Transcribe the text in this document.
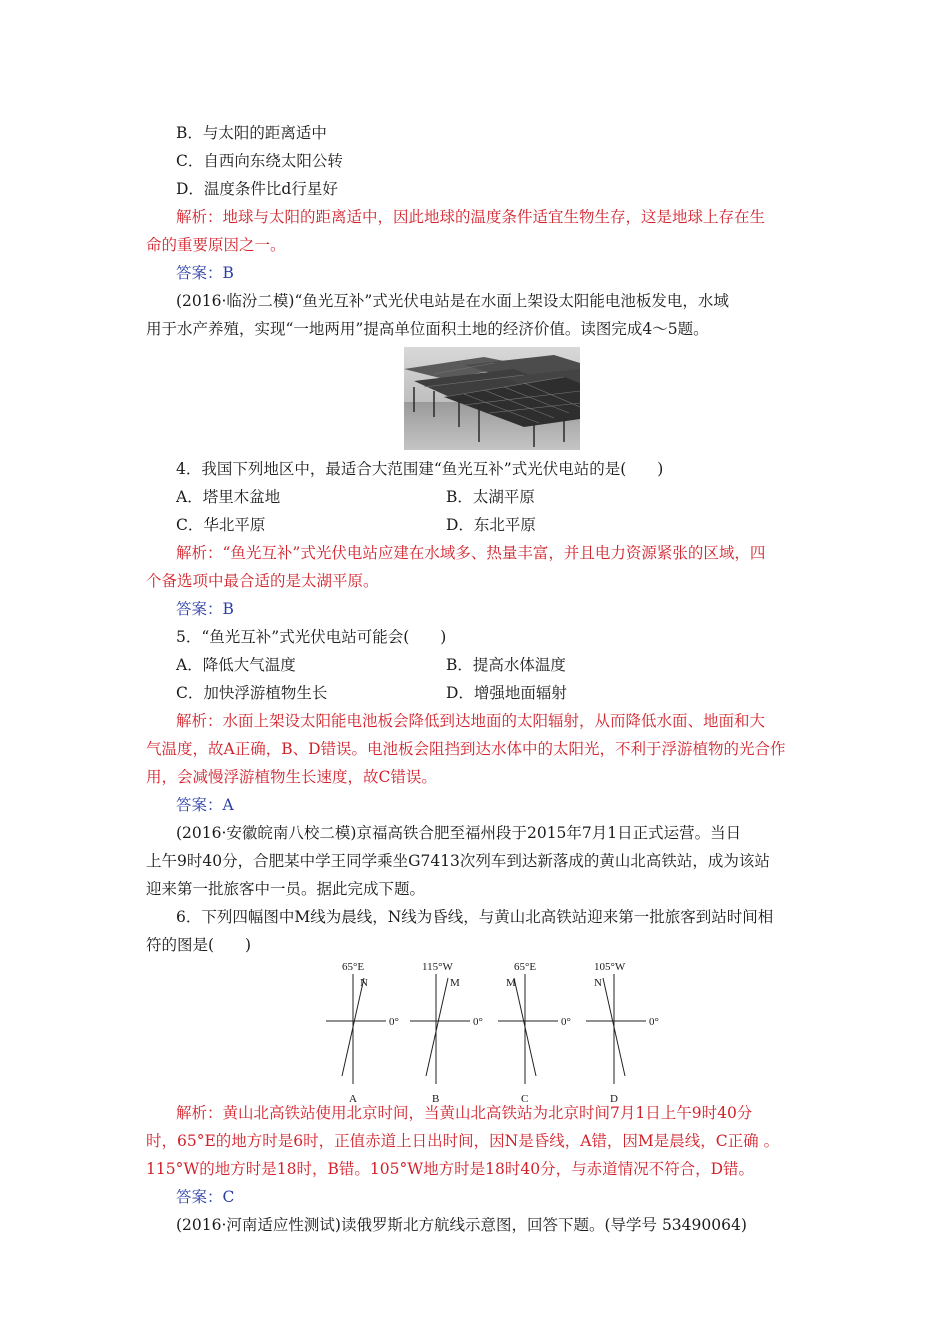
B．与太阳的距离适中
C．自西向东绕太阳公转
D．温度条件比d行星好
解析：地球与太阳的距离适中，因此地球的温度条件适宜生物生存，这是地球上存在生
命的重要原因之一。
答案：B
(2016·临汾二模)“鱼光互补”式光伏电站是在水面上架设太阳能电池板发电，水域
用于水产养殖，实现“一地两用”提高单位面积土地的经济价值。读图完成4～5题。
4．我国下列地区中，最适合大范围建“鱼光互补”式光伏电站的是(　　)
A．塔里木盆地	B．太湖平原
C．华北平原	D．东北平原
解析：“鱼光互补”式光伏电站应建在水域多、热量丰富，并且电力资源紧张的区域，四
个备选项中最合适的是太湖平原。
答案：B
5．“鱼光互补”式光伏电站可能会(　　)
A．降低大气温度	B．提高水体温度
C．加快浮游植物生长	D．增强地面辐射
解析：水面上架设太阳能电池板会降低到达地面的太阳辐射，从而降低水面、地面和大
气温度，故A正确，B、D错误。电池板会阻挡到达水体中的太阳光，不利于浮游植物的光合作
用，会减慢浮游植物生长速度，故C错误。
答案：A
(2016·安徽皖南八校二模)京福高铁合肥至福州段于2015年7月1日正式运营。当日
上午9时40分，合肥某中学王同学乘坐G7413次列车到达新落成的黄山北高铁站，成为该站
迎来第一批旅客中一员。据此完成下题。
6．下列四幅图中M线为晨线，N线为昏线，与黄山北高铁站迎来第一批旅客到站时间相
符的图是(　　)
65°E
N
0°
A
115°W
M
0°
B
65°E
M
0°
C
105°W
N
0°
D
解析：黄山北高铁站使用北京时间，当黄山北高铁站为北京时间7月1日上午9时40分
时，65°E的地方时是6时，正值赤道上日出时间，因N是昏线，A错，因M是晨线，C正确 。
115°W的地方时是18时，B错。105°W地方时是18时40分，与赤道情况不符合，D错。
答案：C
(2016·河南适应性测试)读俄罗斯北方航线示意图，回答下题。(导学号 53490064)
